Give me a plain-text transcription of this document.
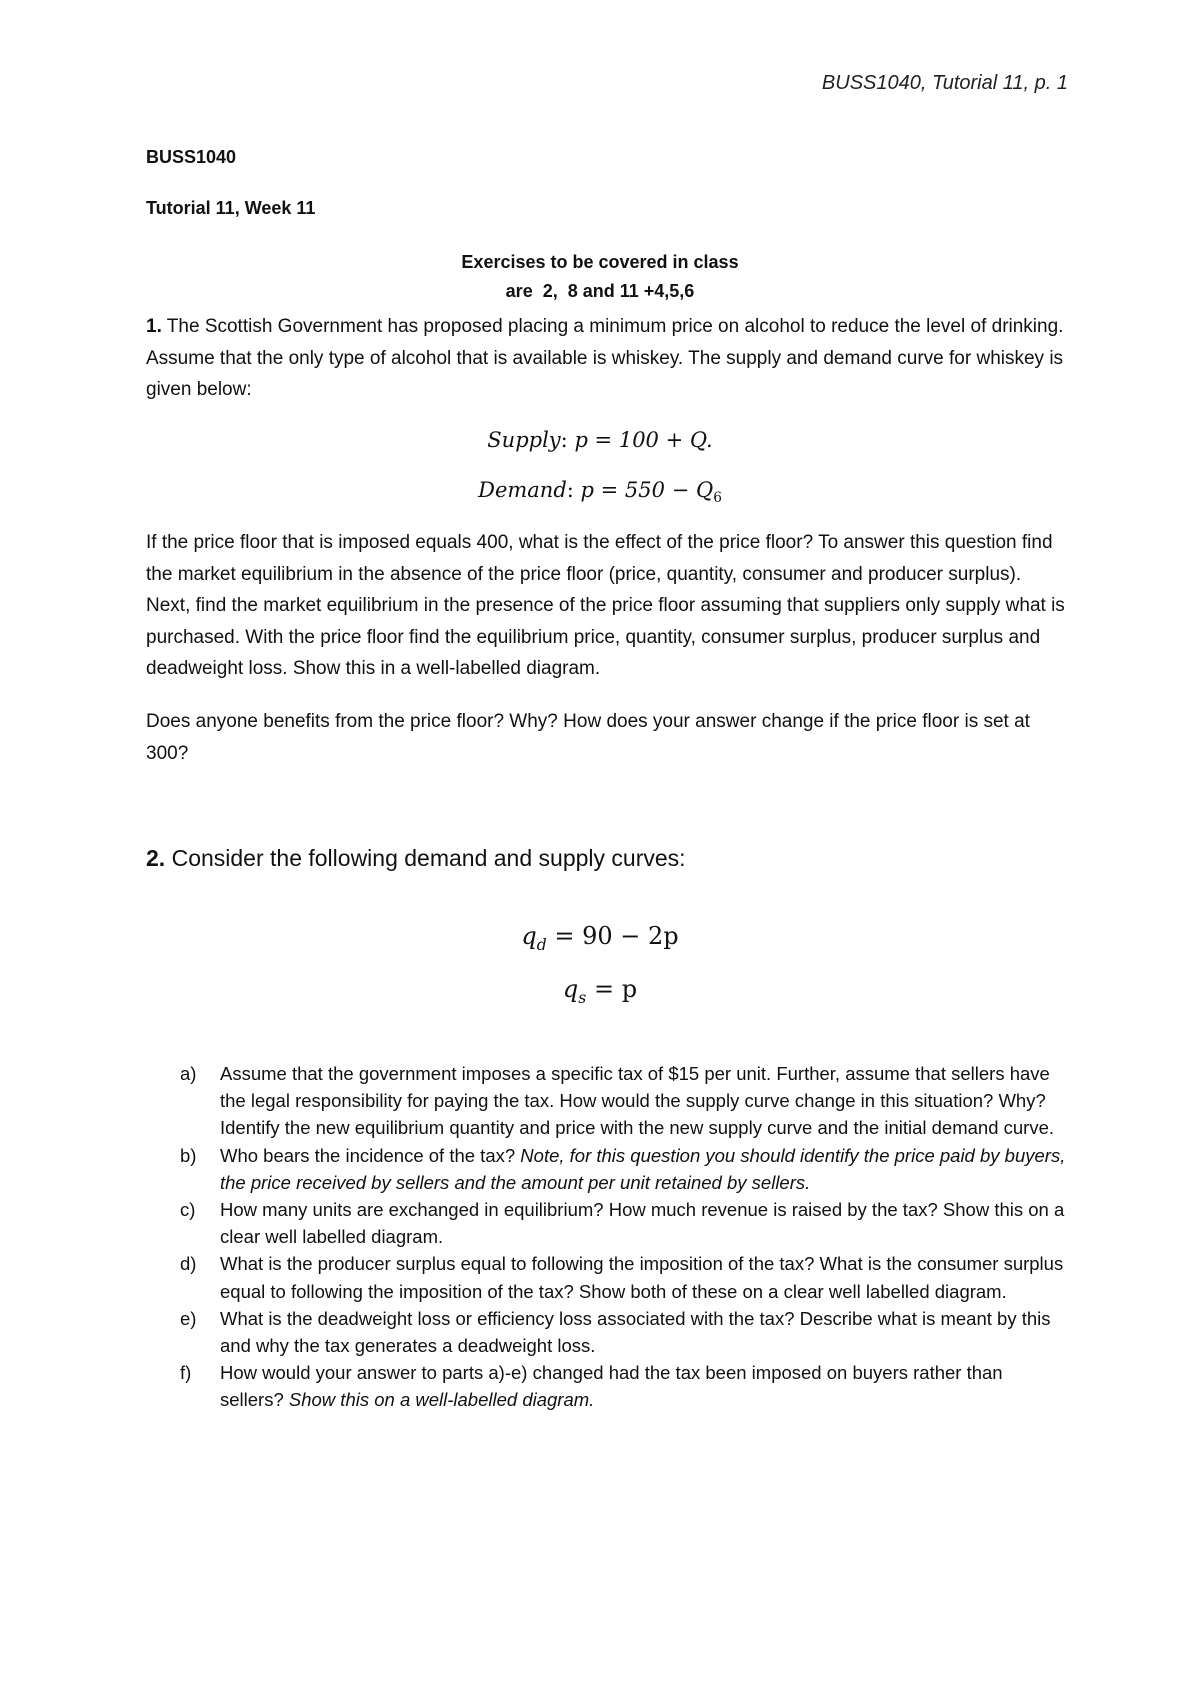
BUSS1040, Tutorial 11, p. 1
BUSS1040
Tutorial 11, Week 11
Exercises to be covered in class
are  2,  8 and 11 +4,5,6
1. The Scottish Government has proposed placing a minimum price on alcohol to reduce the level of drinking. Assume that the only type of alcohol that is available is whiskey. The supply and demand curve for whiskey is given below:
Supply: p = 100 + Q.
Demand: $p = 550 - Q_6$
If the price floor that is imposed equals 400, what is the effect of the price floor? To answer this question find the market equilibrium in the absence of the price floor (price, quantity, consumer and producer surplus). Next, find the market equilibrium in the presence of the price floor assuming that suppliers only supply what is purchased. With the price floor find the equilibrium price, quantity, consumer surplus, producer surplus and deadweight loss. Show this in a well-labelled diagram.
Does anyone benefits from the price floor? Why? How does your answer change if the price floor is set at 300?
2. Consider the following demand and supply curves:
$q_d = 90 - 2p$
$q_s = p$
a) Assume that the government imposes a specific tax of $15 per unit. Further, assume that sellers have the legal responsibility for paying the tax. How would the supply curve change in this situation? Why? Identify the new equilibrium quantity and price with the new supply curve and the initial demand curve.
b) Who bears the incidence of the tax? Note, for this question you should identify the price paid by buyers, the price received by sellers and the amount per unit retained by sellers.
c) How many units are exchanged in equilibrium? How much revenue is raised by the tax? Show this on a clear well labelled diagram.
d) What is the producer surplus equal to following the imposition of the tax? What is the consumer surplus equal to following the imposition of the tax? Show both of these on a clear well labelled diagram.
e) What is the deadweight loss or efficiency loss associated with the tax? Describe what is meant by this and why the tax generates a deadweight loss.
f) How would your answer to parts a)-e) changed had the tax been imposed on buyers rather than sellers? Show this on a well-labelled diagram.
